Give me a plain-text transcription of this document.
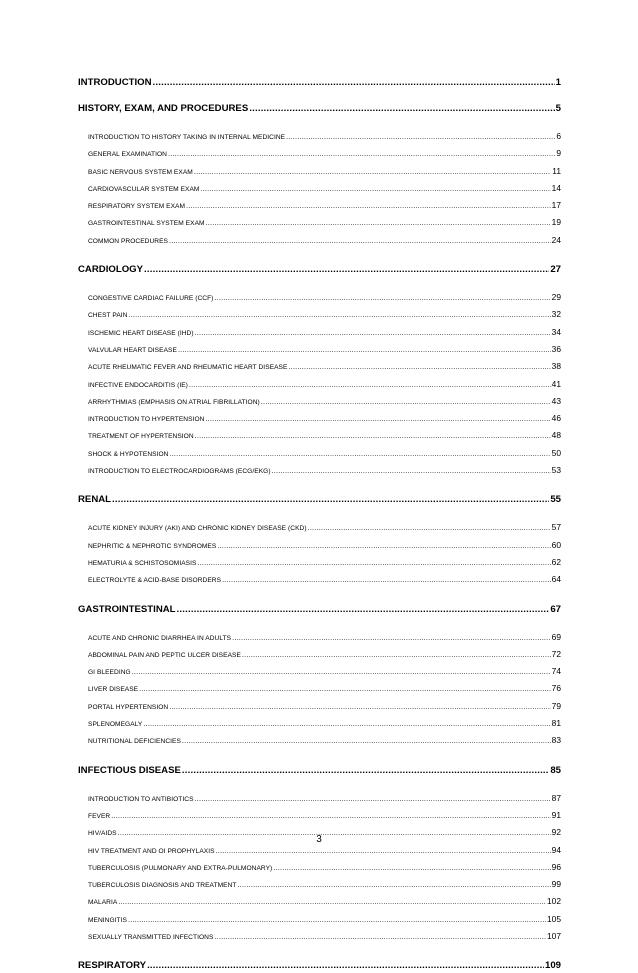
INTRODUCTION .....	1
HISTORY, EXAM, AND PROCEDURES .....	5
INTRODUCTION TO HISTORY TAKING IN INTERNAL MEDICINE .....	6
GENERAL EXAMINATION .....	9
BASIC NERVOUS SYSTEM EXAM .....	11
CARDIOVASCULAR SYSTEM EXAM .....	14
RESPIRATORY SYSTEM EXAM .....	17
GASTROINTESTINAL SYSTEM EXAM .....	19
COMMON PROCEDURES .....	24
CARDIOLOGY .....	27
CONGESTIVE CARDIAC FAILURE (CCF) .....	29
CHEST PAIN .....	32
ISCHEMIC HEART DISEASE (IHD) .....	34
VALVULAR HEART DISEASE .....	36
ACUTE RHEUMATIC FEVER AND RHEUMATIC HEART DISEASE .....	38
INFECTIVE ENDOCARDITIS (IE) .....	41
ARRHYTHMIAS (EMPHASIS ON ATRIAL FIBRILLATION) .....	43
INTRODUCTION TO HYPERTENSION .....	46
TREATMENT OF HYPERTENSION .....	48
SHOCK & HYPOTENSION .....	50
INTRODUCTION TO ELECTROCARDIOGRAMS (ECG/EKG) .....	53
RENAL .....	55
ACUTE KIDNEY INJURY (AKI) AND CHRONIC KIDNEY DISEASE (CKD) .....	57
NEPHRITIC & NEPHROTIC SYNDROMES .....	60
HEMATURIA & SCHISTOSOMIASIS .....	62
ELECTROLYTE & ACID-BASE DISORDERS .....	64
GASTROINTESTINAL .....	67
ACUTE AND CHRONIC DIARRHEA IN ADULTS .....	69
ABDOMINAL PAIN AND PEPTIC ULCER DISEASE .....	72
GI BLEEDING .....	74
LIVER DISEASE .....	76
PORTAL HYPERTENSION .....	79
SPLENOMEGALY .....	81
NUTRITIONAL DEFICIENCIES .....	83
INFECTIOUS DISEASE .....	85
INTRODUCTION TO ANTIBIOTICS .....	87
FEVER .....	91
HIV/AIDS .....	92
HIV TREATMENT AND OI PROPHYLAXIS .....	94
TUBERCULOSIS (PULMONARY AND EXTRA-PULMONARY) .....	96
TUBERCULOSIS DIAGNOSIS AND TREATMENT .....	99
MALARIA .....	102
MENINGITIS .....	105
SEXUALLY TRANSMITTED INFECTIONS .....	107
RESPIRATORY .....	109
3
